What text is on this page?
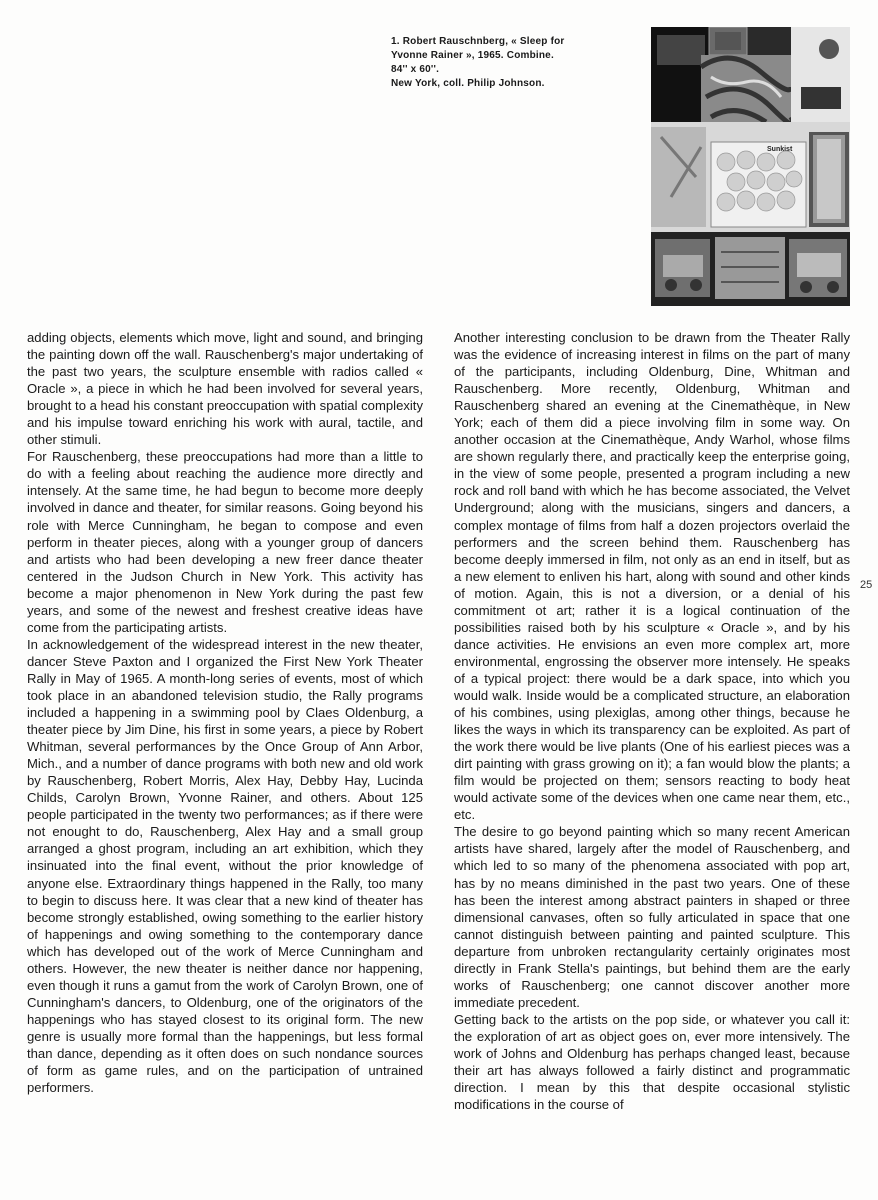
1. Robert Rauschnberg, « Sleep for
Yvonne Rainer », 1965. Combine.
84'' x 60''.
New York, coll. Philip Johnson.
Sunkist

adding objects, elements which move, light and sound, and bringing the painting down off the wall. Rauschenberg's major undertaking of the past two years, the sculpture ensemble with radios called « Oracle », a piece in which he had been involved for several years, brought to a head his constant preoccupation with spatial complexity and his impulse toward enriching his work with aural, tactile, and other stimuli.

For Rauschenberg, these preoccupations had more than a little to do with a feeling about reaching the audience more directly and intensely. At the same time, he had begun to become more deeply involved in dance and theater, for similar reasons. Going beyond his role with Merce Cunningham, he began to compose and even perform in theater pieces, along with a younger group of dancers and artists who had been developing a new freer dance theater centered in the Judson Church in New York. This activity has become a major phenomenon in New York during the past few years, and some of the newest and freshest creative ideas have come from the participating artists.

In acknowledgement of the widespread interest in the new theater, dancer Steve Paxton and I organized the First New York Theater Rally in May of 1965. A month-long series of events, most of which took place in an abandoned television studio, the Rally programs included a happening in a swimming pool by Claes Oldenburg, a theater piece by Jim Dine, his first in some years, a piece by Robert Whitman, several performances by the Once Group of Ann Arbor, Mich., and a number of dance programs with both new and old work by Rauschenberg, Robert Morris, Alex Hay, Debby Hay, Lucinda Childs, Carolyn Brown, Yvonne Rainer, and others. About 125 people participated in the twenty two performances; as if there were not enought to do, Rauschenberg, Alex Hay and a small group arranged a ghost program, including an art exhibition, which they insinuated into the final event, without the prior knowledge of anyone else. Extraordinary things happened in the Rally, too many to begin to discuss here. It was clear that a new kind of theater has become strongly established, owing something to the earlier history of happenings and owing something to the contemporary dance which has developed out of the work of Merce Cunningham and others. However, the new theater is neither dance nor happening, even though it runs a gamut from the work of Carolyn Brown, one of Cunningham's dancers, to Oldenburg, one of the originators of the happenings who has stayed closest to its original form. The new genre is usually more formal than the happenings, but less formal than dance, depending as it often does on such nondance sources of form as game rules, and on the participation of untrained performers.

Another interesting conclusion to be drawn from the Theater Rally was the evidence of increasing interest in films on the part of many of the participants, including Oldenburg, Dine, Whitman and Rauschenberg. More recently, Oldenburg, Whitman and Rauschenberg shared an evening at the Cinemathèque, in New York; each of them did a piece involving film in some way. On another occasion at the Cinemathèque, Andy Warhol, whose films are shown regularly there, and practically keep the enterprise going, in the view of some people, presented a program including a new rock and roll band with which he has become associated, the Velvet Underground; along with the musicians, singers and dancers, a complex montage of films from half a dozen projectors overlaid the performers and the screen behind them. Rauschenberg has become deeply immersed in film, not only as an end in itself, but as a new element to enliven his hart, along with sound and other kinds of motion. Again, this is not a diversion, or a denial of his commitment ot art; rather it is a logical continuation of the possibilities raised both by his sculpture « Oracle », and by his dance activities. He envisions an even more complex art, more environmental, engrossing the observer more intensely. He speaks of a typical project: there would be a dark space, into which you would walk. Inside would be a complicated structure, an elaboration of his combines, using plexiglas, among other things, because he likes the ways in which its transparency can be exploited. As part of the work there would be live plants (One of his earliest pieces was a dirt painting with grass growing on it); a fan would blow the plants; a film would be projected on them; sensors reacting to body heat would activate some of the devices when one came near them, etc., etc.

The desire to go beyond painting which so many recent American artists have shared, largely after the model of Rauschenberg, and which led to so many of the phenomena associated with pop art, has by no means diminished in the past two years. One of these has been the interest among abstract painters in shaped or three dimensional canvases, often so fully articulated in space that one cannot distinguish between painting and painted sculpture. This departure from unbroken rectangularity certainly originates most directly in Frank Stella's paintings, but behind them are the early works of Rauschenberg; one cannot discover another more immediate precedent.

Getting back to the artists on the pop side, or whatever you call it: the exploration of art as object goes on, ever more intensively. The work of Johns and Oldenburg has perhaps changed least, because their art has always followed a fairly distinct and programmatic direction. I mean by this that despite occasional stylistic modifications in the course of

25
